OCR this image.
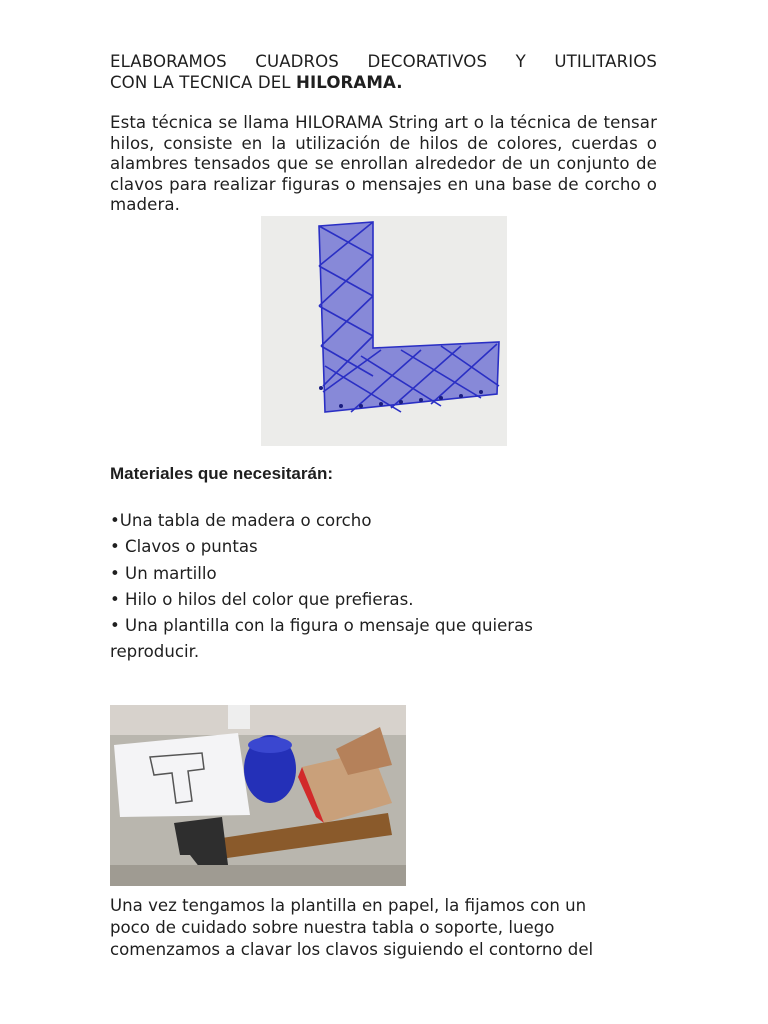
ELABORAMOS CUADROS DECORATIVOS Y UTILITARIOS
CON LA TECNICA DEL HILORAMA.
Esta técnica se llama HILORAMA String art o la técnica de tensar hilos, consiste en la utilización de hilos de colores, cuerdas o alambres tensados que se enrollan alrededor de un conjunto de clavos para realizar figuras o mensajes en una base de corcho o madera.
Materiales que necesitarán:
•Una tabla de madera o corcho
• Clavos o puntas
• Un martillo
• Hilo o hilos del color que prefieras.
• Una plantilla con la figura o mensaje que quieras
reproducir.
Una vez tengamos la plantilla en papel, la fijamos con un
poco de cuidado sobre nuestra tabla o soporte, luego
comenzamos a clavar los clavos siguiendo el contorno del
